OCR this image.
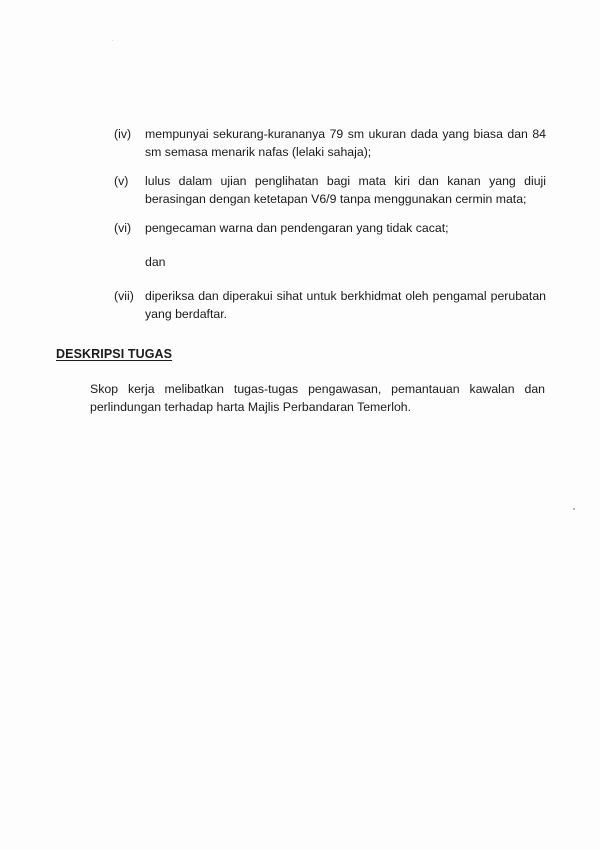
(iv)	mempunyai sekurang-kurananya 79 sm ukuran dada yang biasa dan 84
sm semasa menarik nafas (lelaki sahaja);
(v)	lulus dalam ujian penglihatan bagi mata kiri dan kanan yang diuji
berasingan dengan ketetapan V6/9 tanpa menggunakan cermin mata;
(vi)	pengecaman warna dan pendengaran yang tidak cacat;
dan
(vii) diperiksa dan diperakui sihat untuk berkhidmat oleh pengamal perubatan
yang berdaftar.
DESKRIPSI TUGAS
Skop kerja melibatkan tugas-tugas pengawasan, pemantauan kawalan dan
perlindungan terhadap harta Majlis Perbandaran Temerloh.
